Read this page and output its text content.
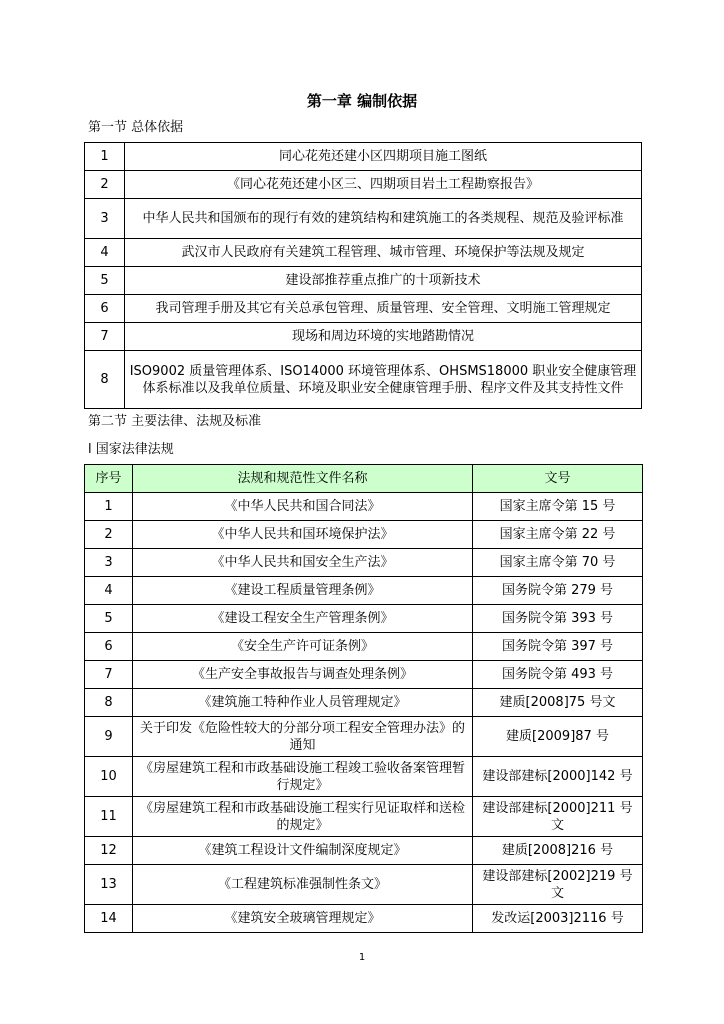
第一章 编制依据
第一节 总体依据
1	同心花苑还建小区四期项目施工图纸
2	《同心花苑还建小区三、四期项目岩土工程勘察报告》
3	中华人民共和国颁布的现行有效的建筑结构和建筑施工的各类规程、规范及验评标准
4	武汉市人民政府有关建筑工程管理、城市管理、环境保护等法规及规定
5	建设部推荐重点推广的十项新技术
6	我司管理手册及其它有关总承包管理、质量管理、安全管理、文明施工管理规定
7	现场和周边环境的实地踏勘情况
8	ISO9002 质量管理体系、ISO14000 环境管理体系、OHSMS18000 职业安全健康管理体系标准以及我单位质量、环境及职业安全健康管理手册、程序文件及其支持性文件
第二节 主要法律、法规及标准
l 国家法律法规
序号	法规和规范性文件名称	文号
1	《中华人民共和国合同法》	国家主席令第 15 号
2	《中华人民共和国环境保护法》	国家主席令第 22 号
3	《中华人民共和国安全生产法》	国家主席令第 70 号
4	《建设工程质量管理条例》	国务院令第 279 号
5	《建设工程安全生产管理条例》	国务院令第 393 号
6	《安全生产许可证条例》	国务院令第 397 号
7	《生产安全事故报告与调查处理条例》	国务院令第 493 号
8	《建筑施工特种作业人员管理规定》	建质[2008]75 号文
9	关于印发《危险性较大的分部分项工程安全管理办法》的通知	建质[2009]87 号
10	《房屋建筑工程和市政基础设施工程竣工验收备案管理暂行规定》	建设部建标[2000]142 号
11	《房屋建筑工程和市政基础设施工程实行见证取样和送检的规定》	建设部建标[2000]211 号文
12	《建筑工程设计文件编制深度规定》	建质[2008]216 号
13	《工程建筑标准强制性条文》	建设部建标[2002]219 号文
14	《建筑安全玻璃管理规定》	发改运[2003]2116 号
1
